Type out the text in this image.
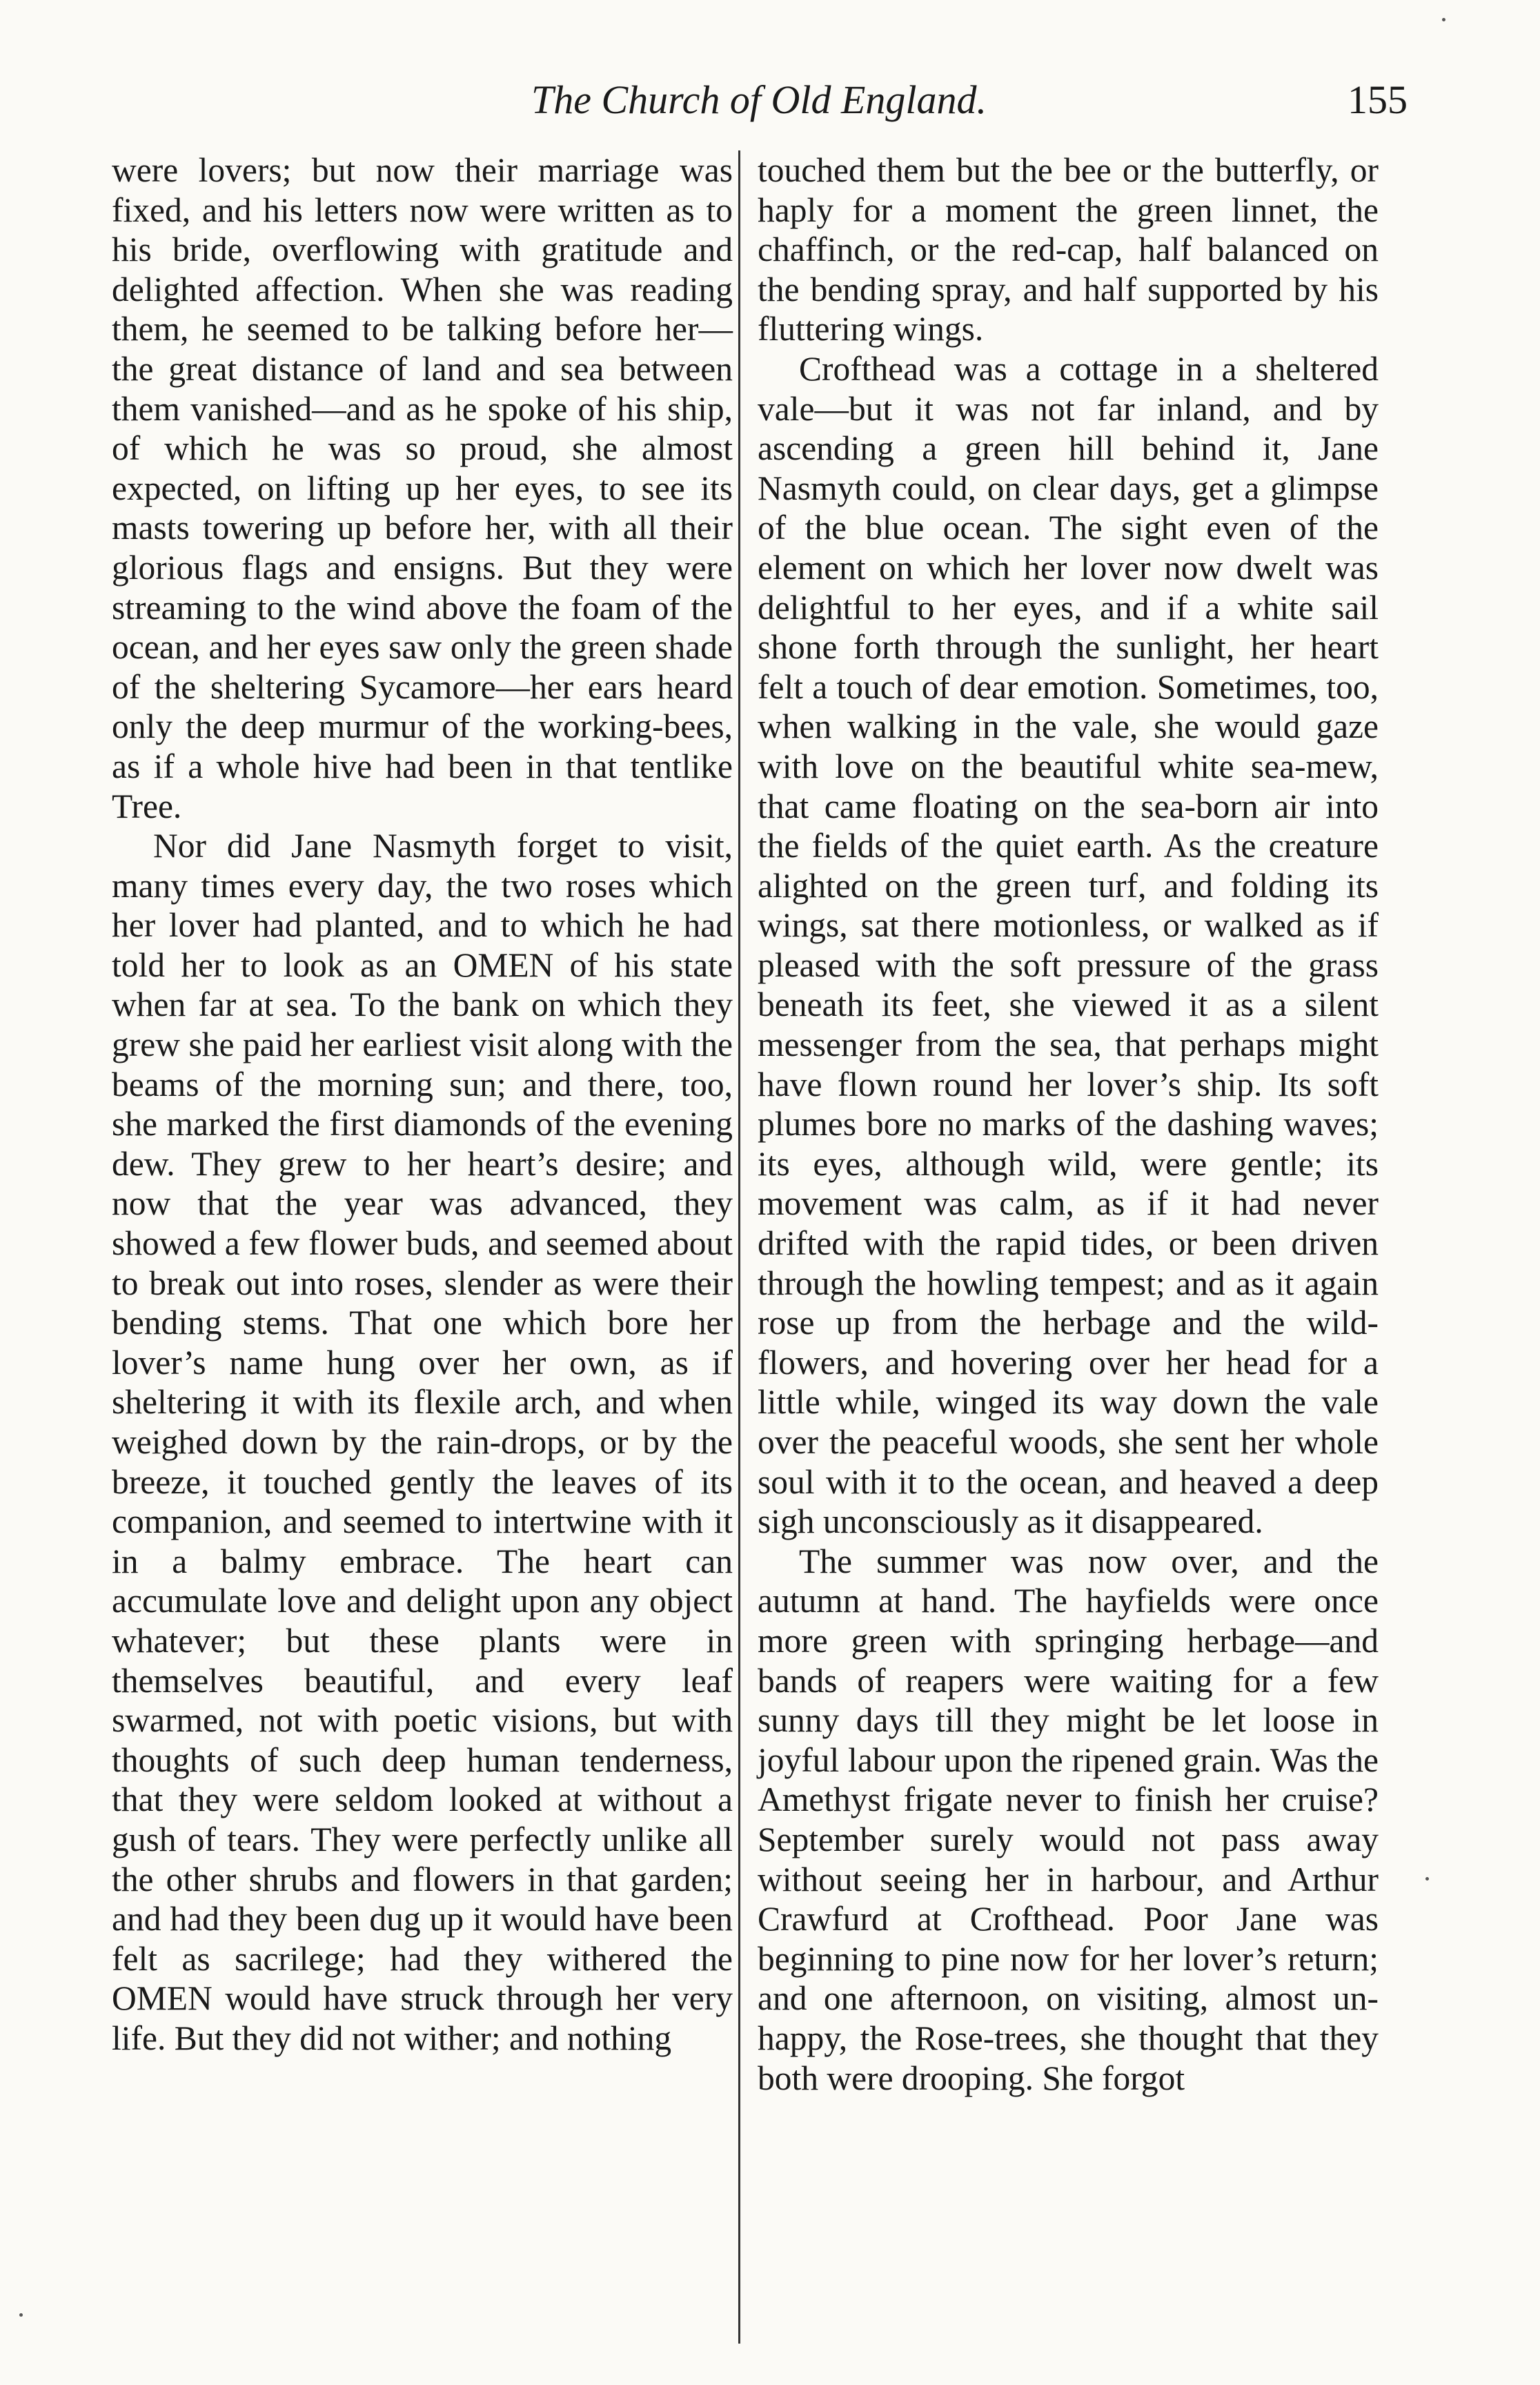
The Church of Old England.	155

were lovers; but now their marriage was fixed, and his letters now were written as to his bride, overflowing with gratitude and delighted affection. When she was reading them, he seemed to be talking before her—the great distance of land and sea between them vanished—and as he spoke of his ship, of which he was so proud, she almost expected, on lifting up her eyes, to see its masts towering up before her, with all their glorious flags and ensigns. But they were streaming to the wind above the foam of the ocean, and her eyes saw only the green shade of the sheltering Sycamore—her ears heard only the deep murmur of the working-bees, as if a whole hive had been in that tentlike Tree.

Nor did Jane Nasmyth forget to visit, many times every day, the two roses which her lover had planted, and to which he had told her to look as an OMEN of his state when far at sea. To the bank on which they grew she paid her earliest visit along with the beams of the morning sun; and there, too, she marked the first diamonds of the evening dew. They grew to her heart’s desire; and now that the year was advanced, they showed a few flower buds, and seemed about to break out into roses, slender as were their bending stems. That one which bore her lover’s name hung over her own, as if sheltering it with its flexile arch, and when weighed down by the rain-drops, or by the breeze, it touched gently the leaves of its companion, and seemed to intertwine with it in a balmy embrace. The heart can accumulate love and delight upon any object whatever; but these plants were in themselves beautiful, and every leaf swarmed, not with poetic visions, but with thoughts of such deep human tenderness, that they were seldom looked at without a gush of tears. They were perfectly unlike all the other shrubs and flowers in that garden; and had they been dug up it would have been felt as sacrilege; had they withered the OMEN would have struck through her very life. But they did not wither; and nothing

touched them but the bee or the butterfly, or haply for a moment the green linnet, the chaffinch, or the red-cap, half balanced on the bending spray, and half supported by his fluttering wings.

Crofthead was a cottage in a sheltered vale—but it was not far inland, and by ascending a green hill behind it, Jane Nasmyth could, on clear days, get a glimpse of the blue ocean. The sight even of the element on which her lover now dwelt was delightful to her eyes, and if a white sail shone forth through the sunlight, her heart felt a touch of dear emotion. Sometimes, too, when walking in the vale, she would gaze with love on the beautiful white sea-mew, that came floating on the sea-born air into the fields of the quiet earth. As the creature alighted on the green turf, and folding its wings, sat there motionless, or walked as if pleased with the soft pressure of the grass beneath its feet, she viewed it as a silent messenger from the sea, that perhaps might have flown round her lover’s ship. Its soft plumes bore no marks of the dashing waves; its eyes, although wild, were gentle; its movement was calm, as if it had never drifted with the rapid tides, or been driven through the howling tempest; and as it again rose up from the herbage and the wild-flowers, and hovering over her head for a little while, winged its way down the vale over the peaceful woods, she sent her whole soul with it to the ocean, and heaved a deep sigh unconsciously as it disappeared.

The summer was now over, and the autumn at hand. The hayfields were once more green with springing herbage—and bands of reapers were waiting for a few sunny days till they might be let loose in joyful labour upon the ripened grain. Was the Amethyst frigate never to finish her cruise? September surely would not pass away without seeing her in harbour, and Arthur Crawfurd at Crofthead. Poor Jane was beginning to pine now for her lover’s return; and one afternoon, on visiting, almost unhappy, the Rose-trees, she thought that they both were drooping. She forgot
